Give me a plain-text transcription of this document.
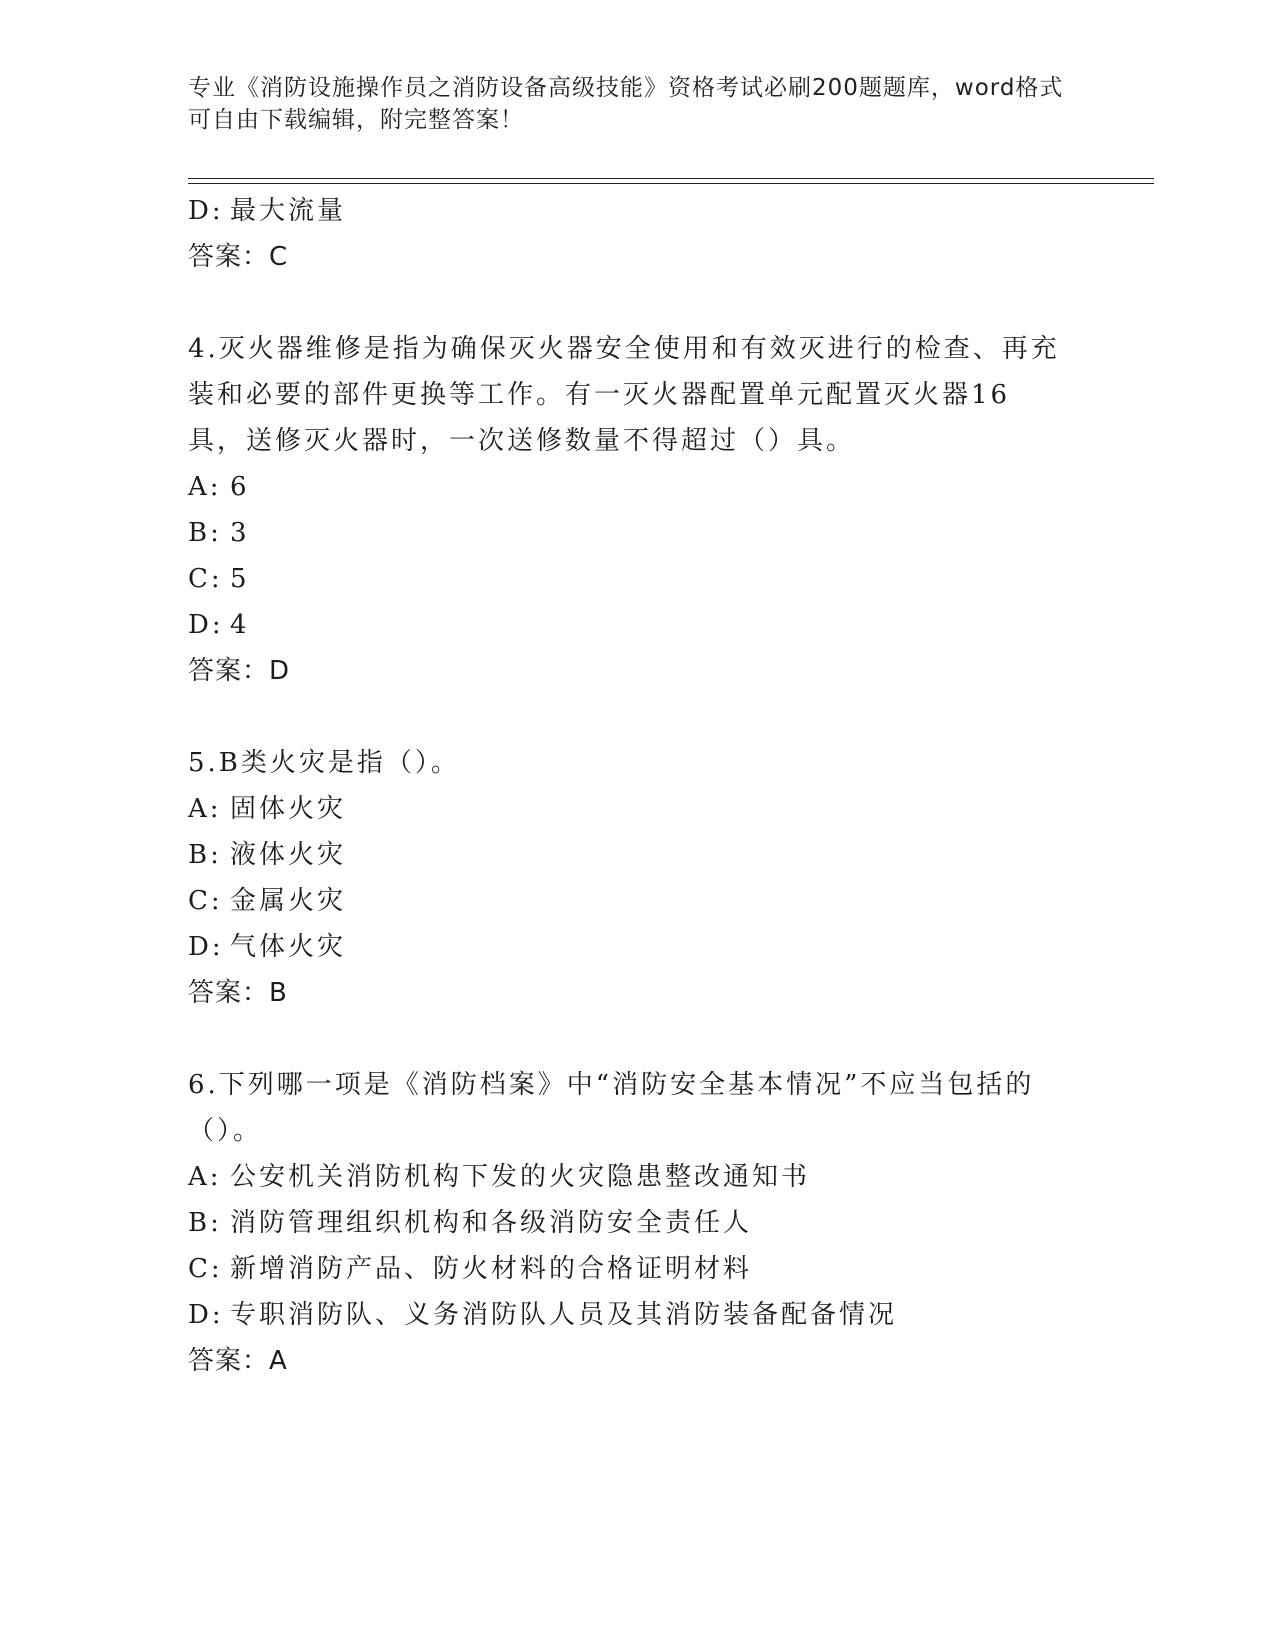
专业《消防设施操作员之消防设备高级技能》资格考试必刷200题题库，word格式可自由下载编辑，附完整答案！
D: 最大流量
答案：C
4.灭火器维修是指为确保灭火器安全使用和有效灭进行的检查、再充装和必要的部件更换等工作。有一灭火器配置单元配置灭火器16具，送修灭火器时，一次送修数量不得超过（）具。
A: 6
B: 3
C: 5
D: 4
答案：D
5.B类火灾是指（）。
A: 固体火灾
B: 液体火灾
C: 金属火灾
D: 气体火灾
答案：B
6.下列哪一项是《消防档案》中“消防安全基本情况”不应当包括的（）。
A: 公安机关消防机构下发的火灾隐患整改通知书
B: 消防管理组织机构和各级消防安全责任人
C: 新增消防产品、防火材料的合格证明材料
D: 专职消防队、义务消防队人员及其消防装备配备情况
答案：A
